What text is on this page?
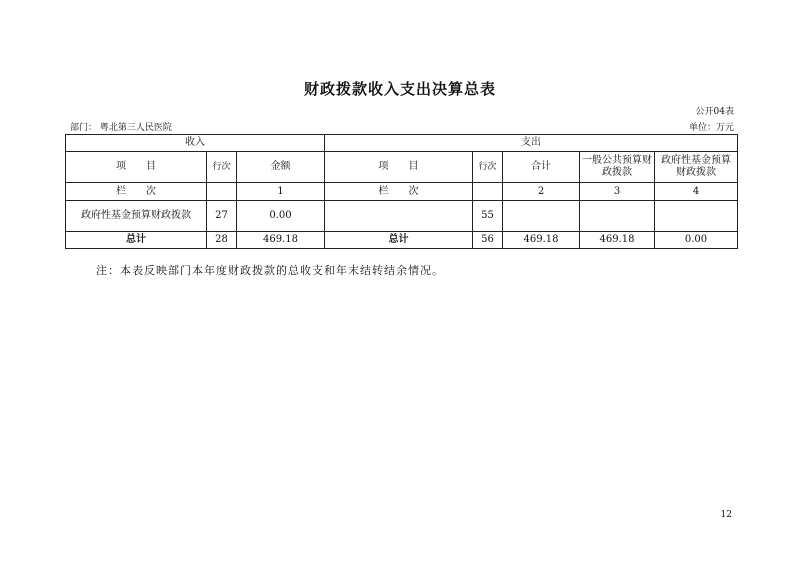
财政拨款收入支出决算总表
公开04表
部门： 粤北第三人民医院	单位：万元
收入			支出				
项　　目	行次	金额	项　　目	行次	合计	一般公共预算财政拨款	政府性基金预算财政拨款
栏　　次		1	栏　　次		2	3	4
政府性基金预算财政拨款	27	0.00		55			
总计	28	469.18	总计	56	469.18	469.18	0.00
注：本表反映部门本年度财政拨款的总收支和年末结转结余情况。
12
